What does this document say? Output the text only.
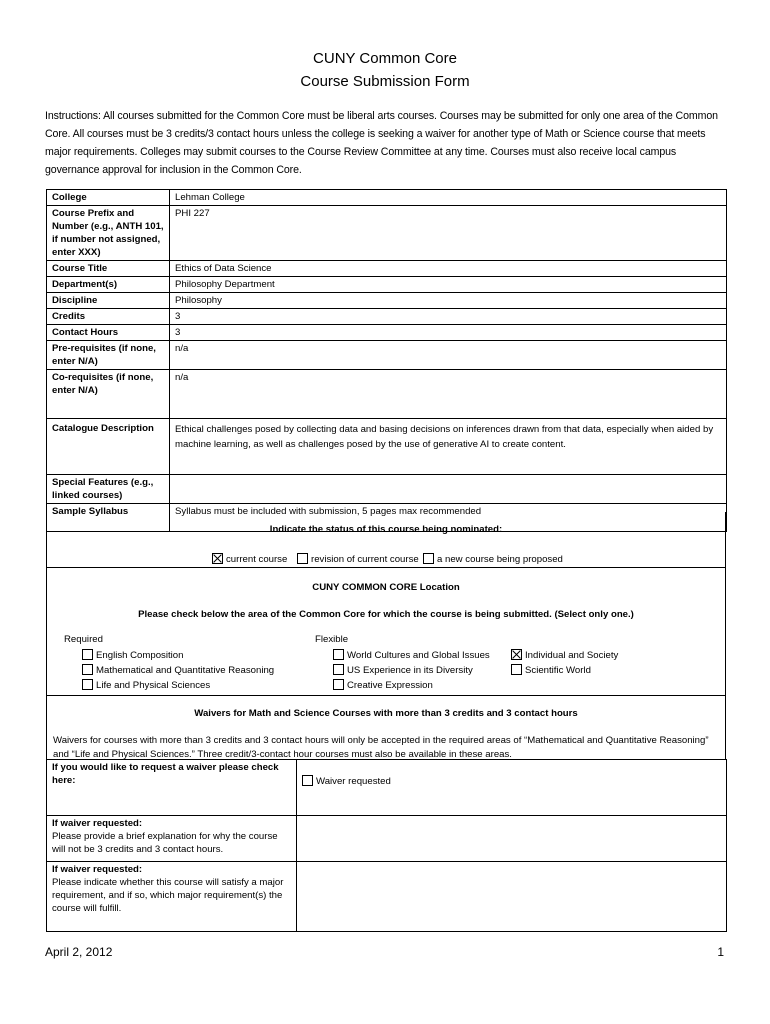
CUNY Common Core
Course Submission Form
Instructions: All courses submitted for the Common Core must be liberal arts courses. Courses may be submitted for only one area of the Common Core. All courses must be 3 credits/3 contact hours unless the college is seeking a waiver for another type of Math or Science course that meets major requirements. Colleges may submit courses to the Course Review Committee at any time. Courses must also receive local campus governance approval for inclusion in the Common Core.
College	Lehman College
Course Prefix and Number (e.g., ANTH 101, if number not assigned, enter XXX)	PHI 227
Course Title	Ethics of Data Science
Department(s)	Philosophy Department
Discipline	Philosophy
Credits	3
Contact Hours	3
Pre-requisites (if none, enter N/A)	n/a
Co-requisites (if none, enter N/A)	n/a
Catalogue Description	Ethical challenges posed by collecting data and basing decisions on inferences drawn from that data, especially when aided by machine learning, as well as challenges posed by the use of generative AI to create content.
Special Features (e.g., linked courses)	
Sample Syllabus	Syllabus must be included with submission, 5 pages max recommended
Indicate the status of this course being nominated:
current course	revision of current course	a new course being proposed
CUNY COMMON CORE Location
Please check below the area of the Common Core for which the course is being submitted. (Select only one.)
Required
English Composition
Mathematical and Quantitative Reasoning
Life and Physical Sciences
Flexible
World Cultures and Global Issues
US Experience in its Diversity
Creative Expression
Individual and Society
Scientific World
Waivers for Math and Science Courses with more than 3 credits and 3 contact hours
Waivers for courses with more than 3 credits and 3 contact hours will only be accepted in the required areas of “Mathematical and Quantitative Reasoning” and “Life and Physical Sciences.” Three credit/3-contact hour courses must also be available in these areas.
If you would like to request a waiver please check here:	Waiver requested

If waiver requested:
Please provide a brief explanation for why the course will not be 3 credits and 3 contact hours.	

If waiver requested:
Please indicate whether this course will satisfy a major requirement, and if so, which major requirement(s) the course will fulfill.	

April 2, 2012	1
